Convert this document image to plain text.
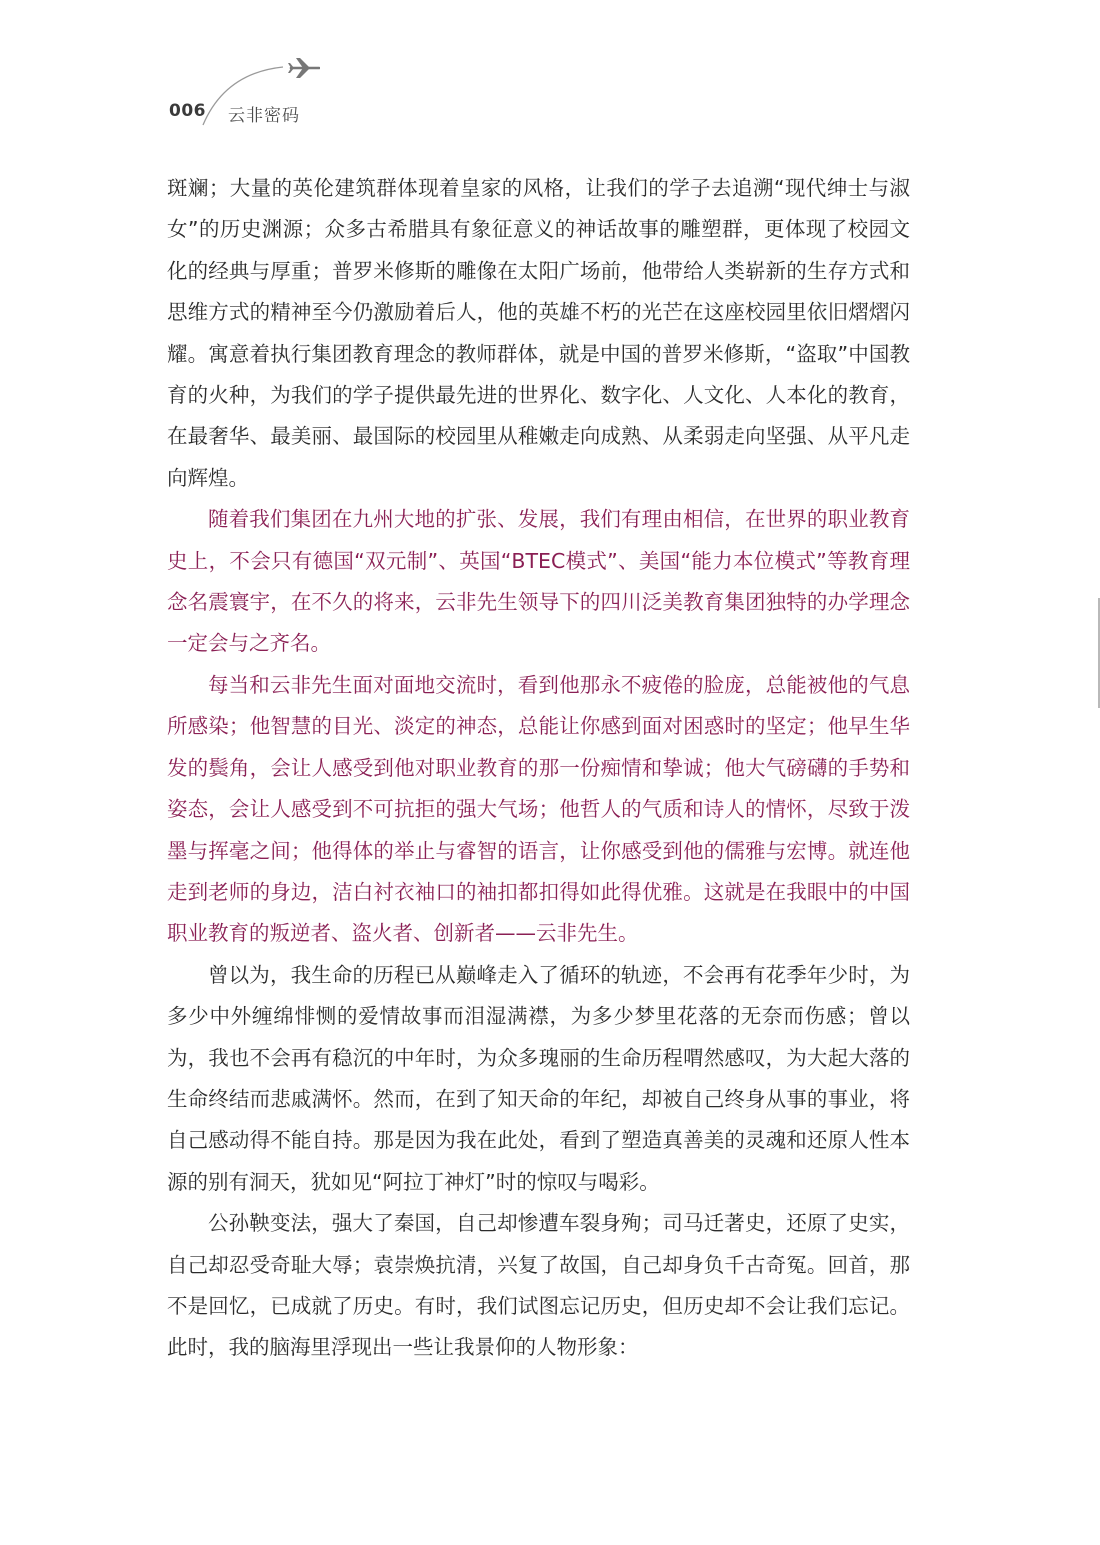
006 云非密码

斑斓；大量的英伦建筑群体现着皇家的风格，让我们的学子去追溯“现代绅士与淑女”的历史渊源；众多古希腊具有象征意义的神话故事的雕塑群，更体现了校园文化的经典与厚重；普罗米修斯的雕像在太阳广场前，他带给人类崭新的生存方式和思维方式的精神至今仍激励着后人，他的英雄不朽的光芒在这座校园里依旧熠熠闪耀。寓意着执行集团教育理念的教师群体，就是中国的普罗米修斯，“盗取”中国教育的火种，为我们的学子提供最先进的世界化、数字化、人文化、人本化的教育，在最奢华、最美丽、最国际的校园里从稚嫩走向成熟、从柔弱走向坚强、从平凡走向辉煌。

随着我们集团在九州大地的扩张、发展，我们有理由相信，在世界的职业教育史上，不会只有德国“双元制”、英国“BTEC模式”、美国“能力本位模式”等教育理念名震寰宇，在不久的将来，云非先生领导下的四川泛美教育集团独特的办学理念一定会与之齐名。

每当和云非先生面对面地交流时，看到他那永不疲倦的脸庞，总能被他的气息所感染；他智慧的目光、淡定的神态，总能让你感到面对困惑时的坚定；他早生华发的鬓角，会让人感受到他对职业教育的那一份痴情和挚诚；他大气磅礴的手势和姿态，会让人感受到不可抗拒的强大气场；他哲人的气质和诗人的情怀，尽致于泼墨与挥毫之间；他得体的举止与睿智的语言，让你感受到他的儒雅与宏博。就连他走到老师的身边，洁白衬衣袖口的袖扣都扣得如此得优雅。这就是在我眼中的中国职业教育的叛逆者、盗火者、创新者——云非先生。

曾以为，我生命的历程已从巅峰走入了循环的轨迹，不会再有花季年少时，为多少中外缠绵悱恻的爱情故事而泪湿满襟，为多少梦里花落的无奈而伤感；曾以为，我也不会再有稳沉的中年时，为众多瑰丽的生命历程喟然感叹，为大起大落的生命终结而悲戚满怀。然而，在到了知天命的年纪，却被自己终身从事的事业，将自己感动得不能自持。那是因为我在此处，看到了塑造真善美的灵魂和还原人性本源的别有洞天，犹如见“阿拉丁神灯”时的惊叹与喝彩。

公孙鞅变法，强大了秦国，自己却惨遭车裂身殉；司马迁著史，还原了史实，自己却忍受奇耻大辱；袁崇焕抗清，兴复了故国，自己却身负千古奇冤。回首，那不是回忆，已成就了历史。有时，我们试图忘记历史，但历史却不会让我们忘记。此时，我的脑海里浮现出一些让我景仰的人物形象：
